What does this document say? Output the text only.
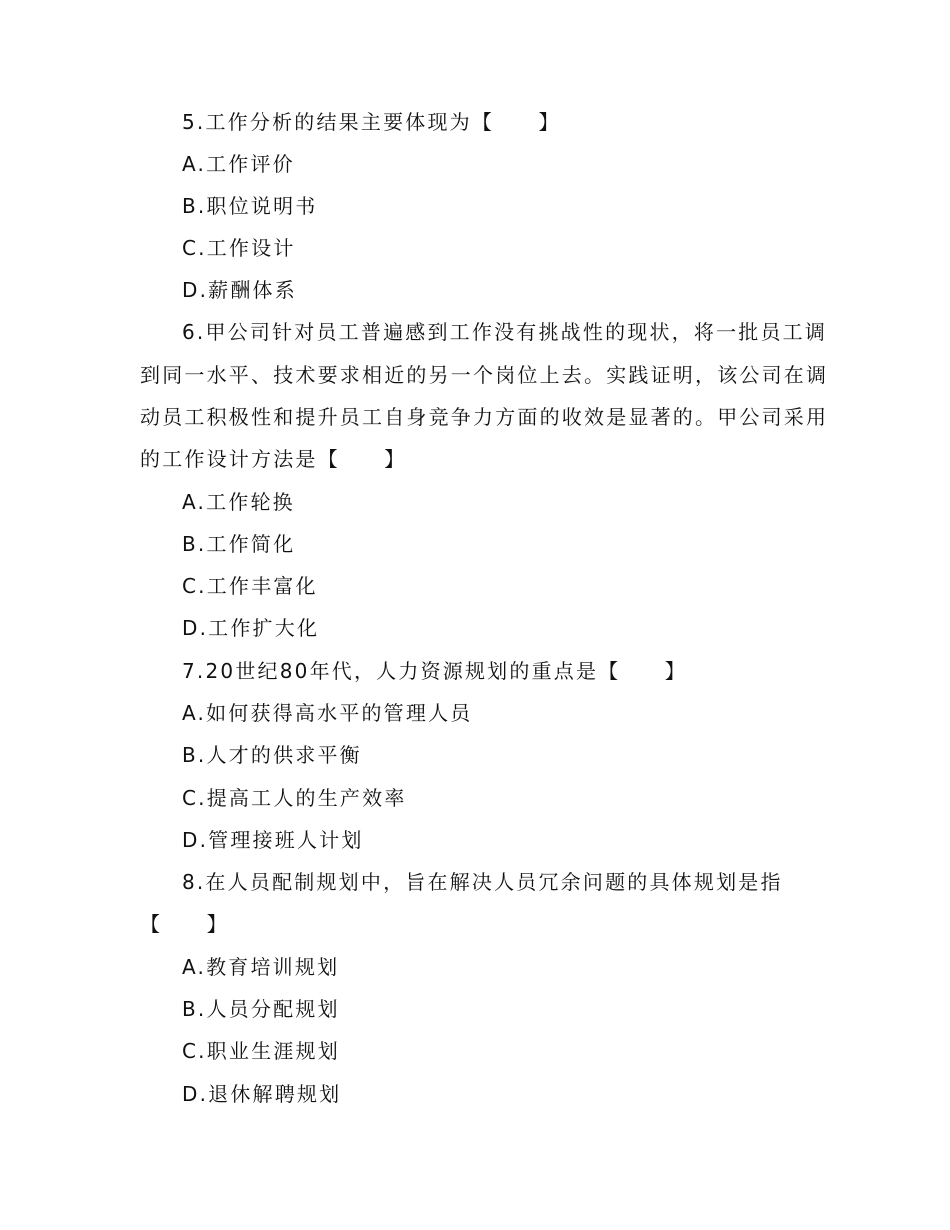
5.工作分析的结果主要体现为【　　】
A.工作评价
B.职位说明书
C.工作设计
D.薪酬体系
6.甲公司针对员工普遍感到工作没有挑战性的现状，将一批员工调
到同一水平、技术要求相近的另一个岗位上去。实践证明，该公司在调
动员工积极性和提升员工自身竞争力方面的收效是显著的。甲公司采用
的工作设计方法是【　　】
A.工作轮换
B.工作简化
C.工作丰富化
D.工作扩大化
7.20世纪80年代，人力资源规划的重点是【　　】
A.如何获得高水平的管理人员
B.人才的供求平衡
C.提高工人的生产效率
D.管理接班人计划
8.在人员配制规划中，旨在解决人员冗余问题的具体规划是指
【　　】
A.教育培训规划
B.人员分配规划
C.职业生涯规划
D.退休解聘规划
